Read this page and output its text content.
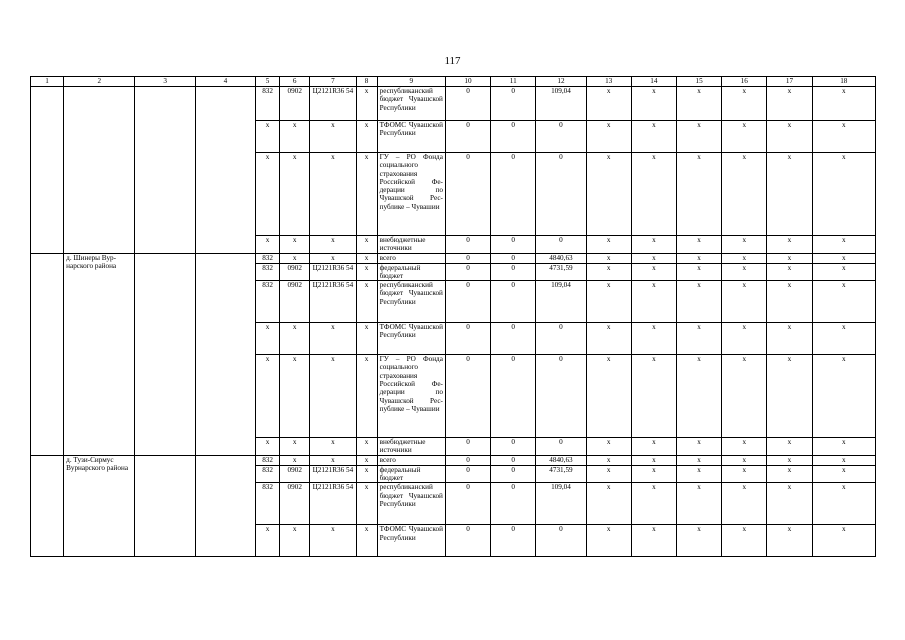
117
1	2	3	4	5	6	7	8	9	10	11	12	13	14	15	16	17	18
				832	0902	Ц2121R36 54	x	республиканский бюджет Чувашской Республики	0	0	109,04	x	x	x	x	x	x
				x	x	x	x	ТФОМС Чувашской Республики	0	0	0	x	x	x	x	x	x
				x	x	x	x	ГУ – РО Фонда социального страхования Российской Федерации по Чувашской Республике – Чувашии	0	0	0	x	x	x	x	x	x
				x	x	x	x	внебюджетные источники	0	0	0	x	x	x	x	x	x
	д. Шинеры Вурнарского района			832	x	x	x	всего	0	0	4840,63	x	x	x	x	x	x
				832	0902	Ц2121R36 54	x	федеральный бюджет	0	0	4731,59	x	x	x	x	x	x
				832	0902	Ц2121R36 54	x	республиканский бюджет Чувашской Республики	0	0	109,04	x	x	x	x	x	x
				x	x	x	x	ТФОМС Чувашской Республики	0	0	0	x	x	x	x	x	x
				x	x	x	x	ГУ – РО Фонда социального страхования Российской Федерации по Чувашской Республике – Чувашии	0	0	0	x	x	x	x	x	x
				x	x	x	x	внебюджетные источники	0	0	0	x	x	x	x	x	x
	д. Тузи-Сирмус Вурнарского района			832	x	x	x	всего	0	0	4840,63	x	x	x	x	x	x
				832	0902	Ц2121R36 54	x	федеральный бюджет	0	0	4731,59	x	x	x	x	x	x
				832	0902	Ц2121R36 54	x	республиканский бюджет Чувашской Республики	0	0	109,04	x	x	x	x	x	x
				x	x	x	x	ТФОМС Чувашской Республики	0	0	0	x	x	x	x	x	x
